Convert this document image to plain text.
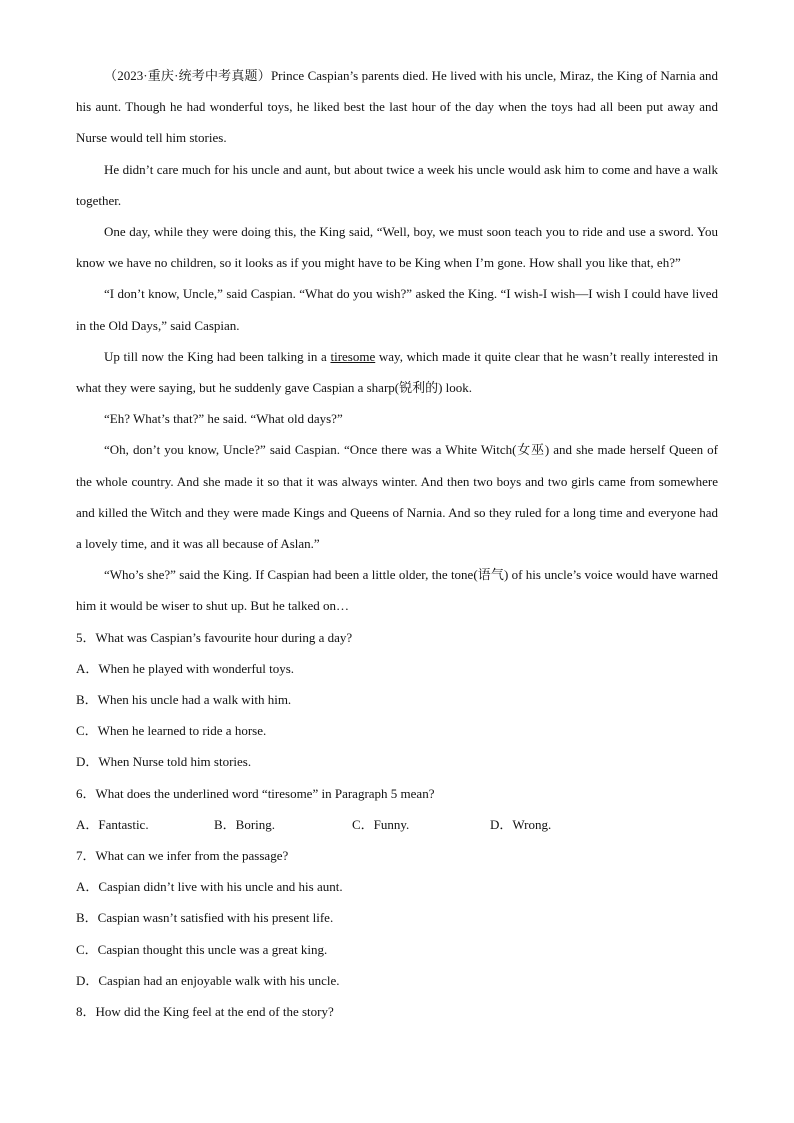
（2023·重庆·统考中考真题）Prince Caspian’s parents died. He lived with his uncle, Miraz, the King of Narnia and his aunt. Though he had wonderful toys, he liked best the last hour of the day when the toys had all been put away and Nurse would tell him stories.

He didn’t care much for his uncle and aunt, but about twice a week his uncle would ask him to come and have a walk together.

One day, while they were doing this, the King said, “Well, boy, we must soon teach you to ride and use a sword. You know we have no children, so it looks as if you might have to be King when I’m gone. How shall you like that, eh?”

“I don’t know, Uncle,” said Caspian. “What do you wish?” asked the King. “I wish-I wish—I wish I could have lived in the Old Days,” said Caspian.

Up till now the King had been talking in a tiresome way, which made it quite clear that he wasn’t really interested in what they were saying, but he suddenly gave Caspian a sharp(锐利的) look.

“Eh? What’s that?” he said. “What old days?”

“Oh, don’t you know, Uncle?” said Caspian. “Once there was a White Witch(女巫) and she made herself Queen of the whole country. And she made it so that it was always winter. And then two boys and two girls came from somewhere and killed the Witch and they were made Kings and Queens of Narnia. And so they ruled for a long time and everyone had a lovely time, and it was all because of Aslan.”

“Who’s she?” said the King. If Caspian had been a little older, the tone(语气) of his uncle’s voice would have warned him it would be wiser to shut up. But he talked on…

5．What was Caspian’s favourite hour during a day?

A．When he played with wonderful toys.

B．When his uncle had a walk with him.

C．When he learned to ride a horse.

D．When Nurse told him stories.

6．What does the underlined word “tiresome” in Paragraph 5 mean?

A．Fantastic.	B．Boring.	C．Funny.	D．Wrong.

7．What can we infer from the passage?

A．Caspian didn’t live with his uncle and his aunt.

B．Caspian wasn’t satisfied with his present life.

C．Caspian thought this uncle was a great king.

D．Caspian had an enjoyable walk with his uncle.

8．How did the King feel at the end of the story?
